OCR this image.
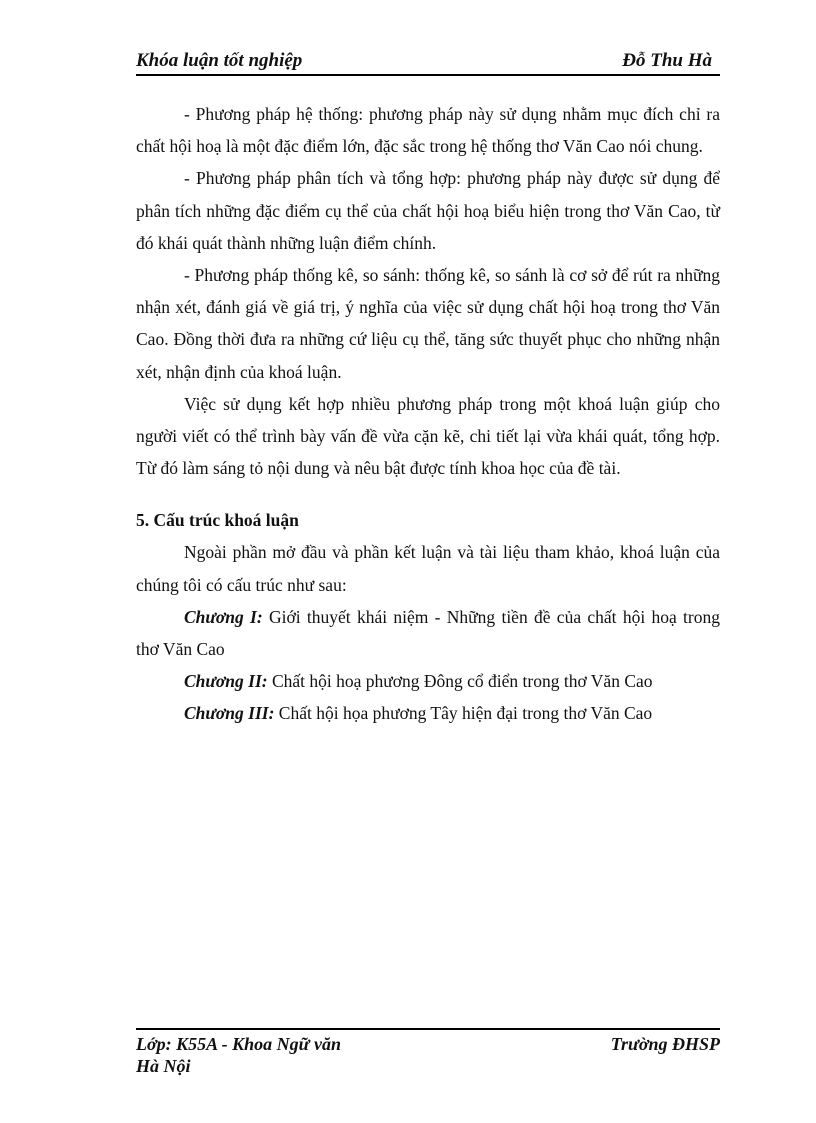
Khóa luận tốt nghiệp	Đỗ Thu Hà

- Phương pháp hệ thống: phương pháp này sử dụng nhằm mục đích chỉ ra chất hội hoạ là một đặc điểm lớn, đặc sắc trong hệ thống thơ Văn Cao nói chung.

- Phương pháp phân tích và tổng hợp: phương pháp này được sử dụng để phân tích những đặc điểm cụ thể của chất hội hoạ biểu hiện trong thơ Văn Cao, từ đó khái quát thành những luận điểm chính.

- Phương pháp thống kê, so sánh: thống kê, so sánh là cơ sở để rút ra những nhận xét, đánh giá về giá trị, ý nghĩa của việc sử dụng chất hội hoạ trong thơ Văn Cao. Đồng thời đưa ra những cứ liệu cụ thể, tăng sức thuyết phục cho những nhận xét, nhận định của khoá luận.

Việc sử dụng kết hợp nhiều phương pháp trong một khoá luận giúp cho người viết có thể trình bày vấn đề vừa cặn kẽ, chi tiết lại vừa khái quát, tổng hợp. Từ đó làm sáng tỏ nội dung và nêu bật được tính khoa học của đề tài.

5. Cấu trúc khoá luận

Ngoài phần mở đầu và phần kết luận và tài liệu tham khảo, khoá luận của chúng tôi có cấu trúc như sau:

Chương I: Giới thuyết khái niệm - Những tiền đề của chất hội hoạ trong thơ Văn Cao

Chương II: Chất hội hoạ phương Đông cổ điển trong thơ Văn Cao

Chương III: Chất hội họa phương Tây hiện đại trong thơ Văn Cao

Lớp: K55A - Khoa Ngữ văn	Trường ĐHSP
Hà Nội
